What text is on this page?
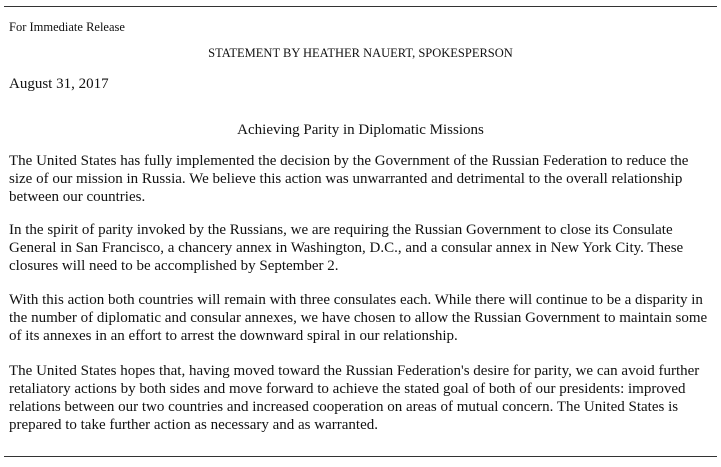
For Immediate Release
STATEMENT BY HEATHER NAUERT, SPOKESPERSON
August 31, 2017
Achieving Parity in Diplomatic Missions

The United States has fully implemented the decision by the Government of the Russian Federation to reduce the size of our mission in Russia. We believe this action was unwarranted and detrimental to the overall relationship between our countries.

In the spirit of parity invoked by the Russians, we are requiring the Russian Government to close its Consulate General in San Francisco, a chancery annex in Washington, D.C., and a consular annex in New York City. These closures will need to be accomplished by September 2.

With this action both countries will remain with three consulates each. While there will continue to be a disparity in the number of diplomatic and consular annexes, we have chosen to allow the Russian Government to maintain some of its annexes in an effort to arrest the downward spiral in our relationship.

The United States hopes that, having moved toward the Russian Federation's desire for parity, we can avoid further retaliatory actions by both sides and move forward to achieve the stated goal of both of our presidents: improved relations between our two countries and increased cooperation on areas of mutual concern. The United States is prepared to take further action as necessary and as warranted.
